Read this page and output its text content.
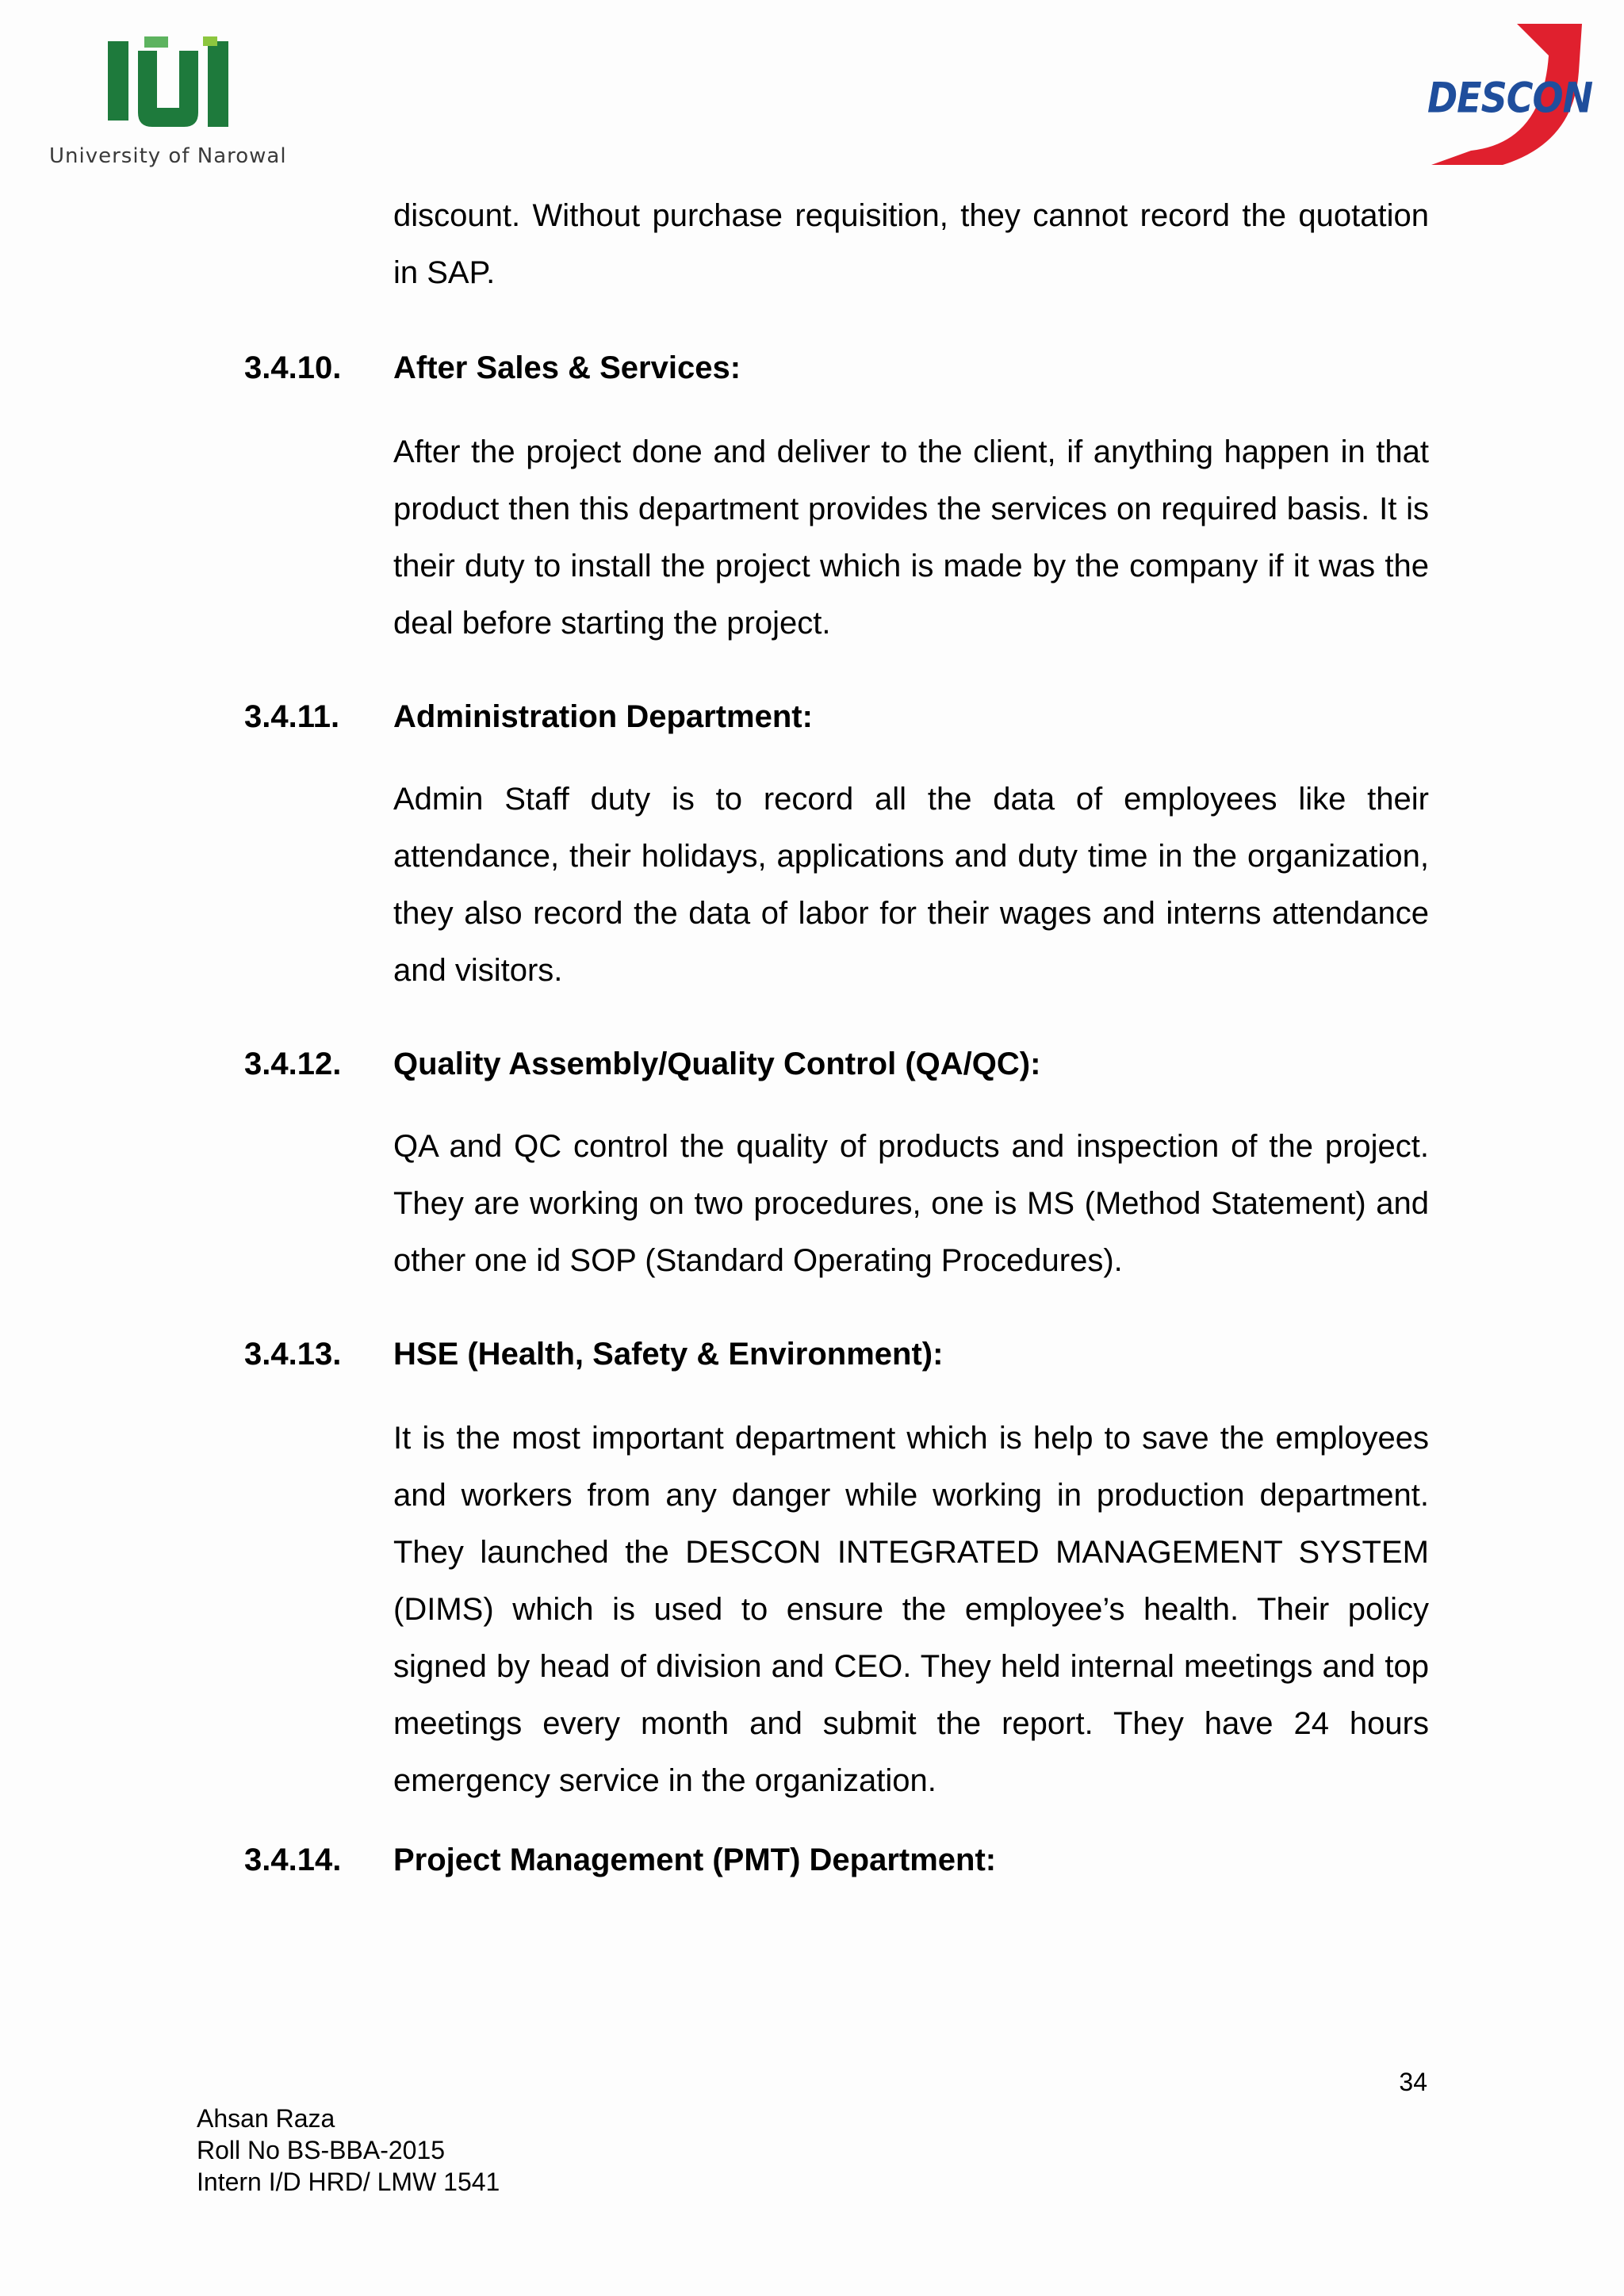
University of Narowal
DESCON

discount. Without purchase requisition, they cannot record the quotation in SAP.

3.4.10. After Sales & Services:

After the project done and deliver to the client, if anything happen in that product then this department provides the services on required basis. It is their duty to install the project which is made by the company if it was the deal before starting the project.

3.4.11. Administration Department:

Admin Staff duty is to record all the data of employees like their attendance, their holidays, applications and duty time in the organization, they also record the data of labor for their wages and interns attendance and visitors.

3.4.12. Quality Assembly/Quality Control (QA/QC):

QA and QC control the quality of products and inspection of the project. They are working on two procedures, one is MS (Method Statement) and other one id SOP (Standard Operating Procedures).

3.4.13. HSE (Health, Safety & Environment):

It is the most important department which is help to save the employees and workers from any danger while working in production department. They launched the DESCON INTEGRATED MANAGEMENT SYSTEM (DIMS) which is used to ensure the employee’s health. Their policy signed by head of division and CEO. They held internal meetings and top meetings every month and submit the report. They have 24 hours emergency service in the organization.

3.4.14. Project Management (PMT) Department:
34
Ahsan Raza
Roll No BS-BBA-2015
Intern I/D HRD/ LMW 1541
